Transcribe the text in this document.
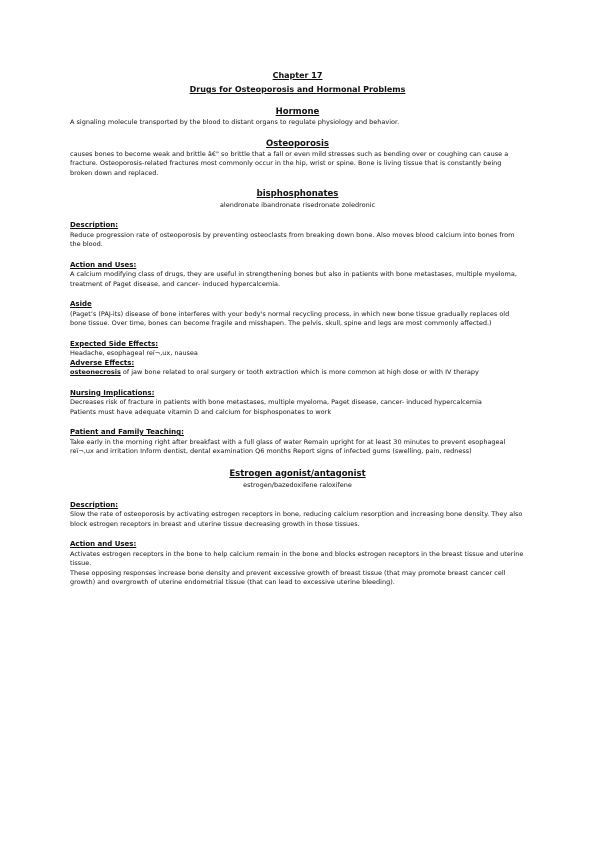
Chapter 17

Drugs for Osteoporosis and Hormonal Problems

Hormone

A signaling molecule transported by the blood to distant organs to regulate physiology and behavior.

Osteoporosis

causes bones to become weak and brittle â€" so brittle that a fall or even mild stresses such as bending over or coughing can cause a fracture. Osteoporosis-related fractures most commonly occur in the hip, wrist or spine. Bone is living tissue that is constantly being broken down and replaced.

bisphosphonates

alendronate ibandronate risedronate zoledronic

Description:

Reduce progression rate of osteoporosis by preventing osteoclasts from breaking down bone. Also moves blood calcium into bones from the blood.

Action and Uses:

A calcium modifying class of drugs, they are useful in strengthening bones but also in patients with bone metastases, multiple myeloma, treatment of Paget disease, and cancer- induced hypercalcemia.

Aside

(Paget’s (PAJ-its) disease of bone interferes with your body's normal recycling process, in which new bone tissue gradually replaces old bone tissue. Over time, bones can become fragile and misshapen. The pelvis, skull, spine and legs are most commonly affected.)

Expected Side Effects:

Headache, esophageal reï¬‚ux, nausea

Adverse Effects:

osteonecrosis of jaw bone related to oral surgery or tooth extraction which is more common at high dose or with IV therapy

Nursing Implications:

Decreases risk of fracture in patients with bone metastases, multiple myeloma, Paget disease, cancer- induced hypercalcemia

Patients must have adequate vitamin D and calcium for bisphosponates to work

Patient and Family Teaching:

Take early in the morning right after breakfast with a full glass of water Remain upright for at least 30 minutes to prevent esophageal reï¬‚ux and irritation Inform dentist, dental examination Q6 months Report signs of infected gums (swelling, pain, redness)

Estrogen agonist/antagonist

estrogen/bazedoxifene raloxifene

Description:

Slow the rate of osteoporosis by activating estrogen receptors in bone, reducing calcium resorption and increasing bone density. They also block estrogen receptors in breast and uterine tissue decreasing growth in those tissues.

Action and Uses:

Activates estrogen receptors in the bone to help calcium remain in the bone and blocks estrogen receptors in the breast tissue and uterine tissue.

These opposing responses increase bone density and prevent excessive growth of breast tissue (that may promote breast cancer cell growth) and overgrowth of uterine endometrial tissue (that can lead to excessive uterine bleeding).
